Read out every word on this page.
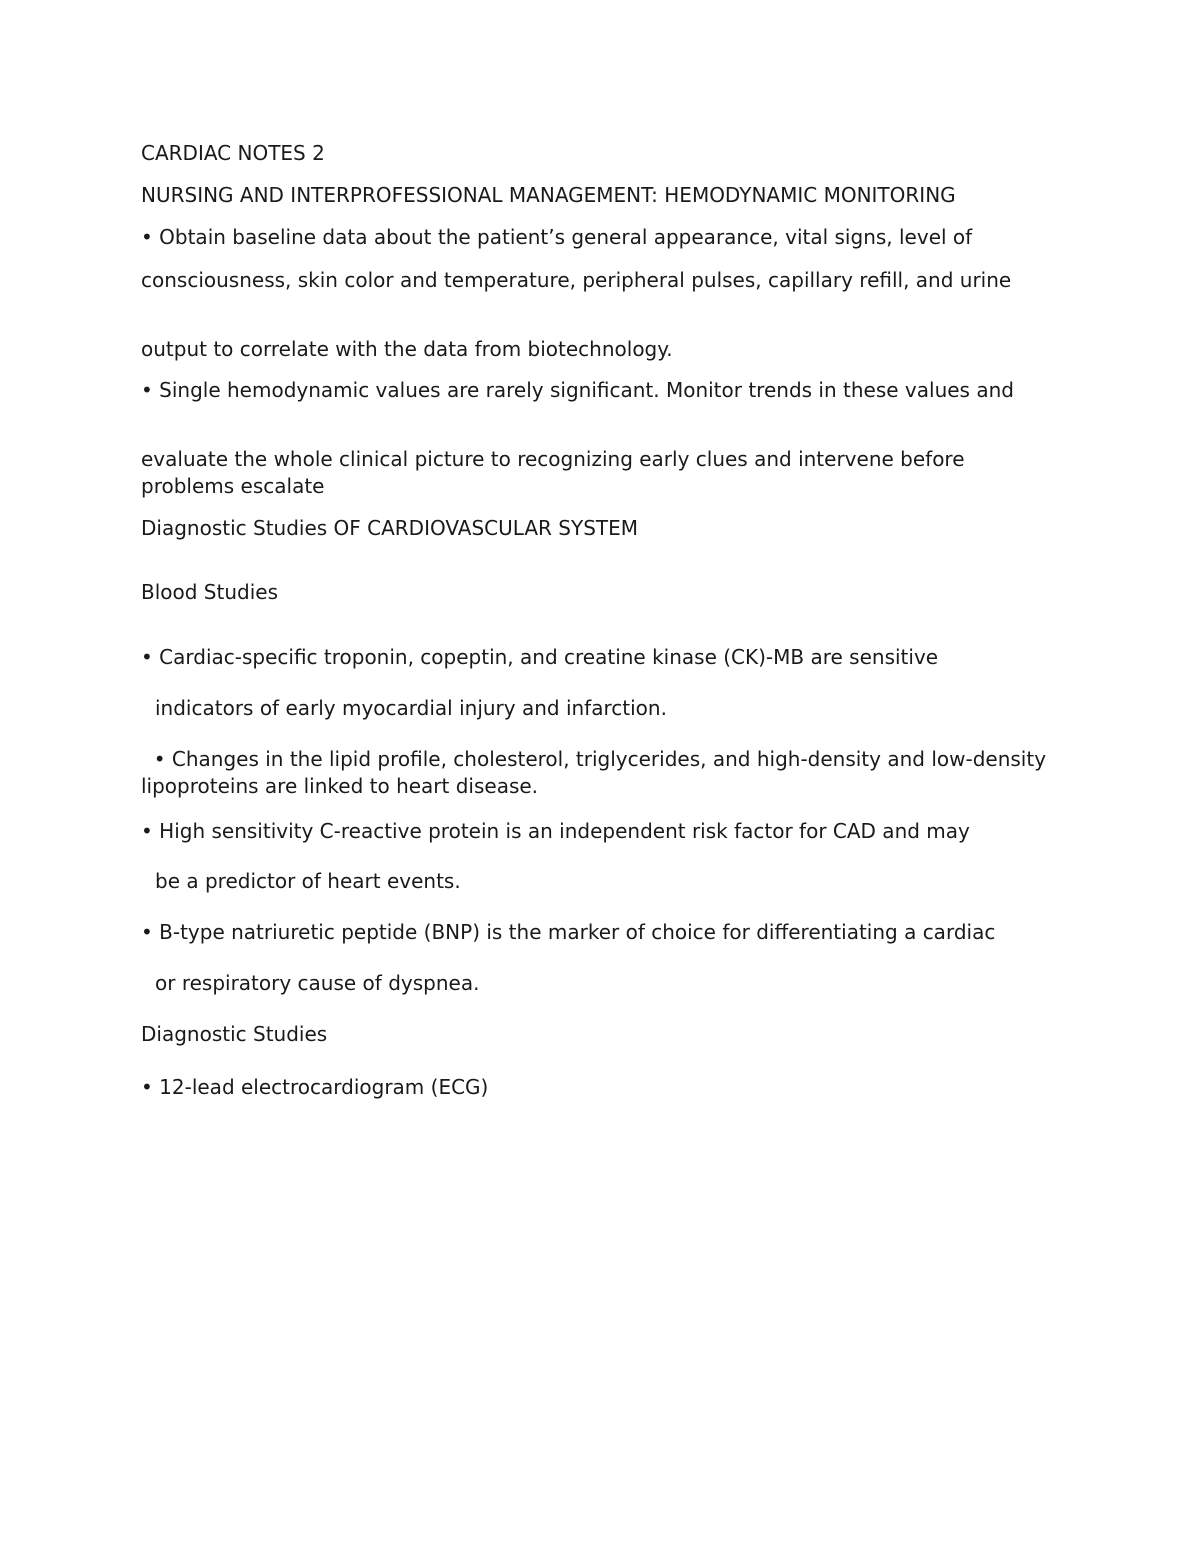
CARDIAC NOTES 2

NURSING AND INTERPROFESSIONAL MANAGEMENT: HEMODYNAMIC MONITORING

• Obtain baseline data about the patient’s general appearance, vital signs, level of

consciousness, skin color and temperature, peripheral pulses, capillary refill, and urine

output to correlate with the data from biotechnology.

• Single hemodynamic values are rarely significant. Monitor trends in these values and

evaluate the whole clinical picture to recognizing early clues and intervene before problems escalate

Diagnostic Studies OF CARDIOVASCULAR SYSTEM

Blood Studies

• Cardiac-specific troponin, copeptin, and creatine kinase (CK)-MB are sensitive

indicators of early myocardial injury and infarction.

• Changes in the lipid profile, cholesterol, triglycerides, and high-density and low-density lipoproteins are linked to heart disease.

• High sensitivity C-reactive protein is an independent risk factor for CAD and may

be a predictor of heart events.

• B-type natriuretic peptide (BNP) is the marker of choice for differentiating a cardiac

or respiratory cause of dyspnea.

Diagnostic Studies

• 12-lead electrocardiogram (ECG)
